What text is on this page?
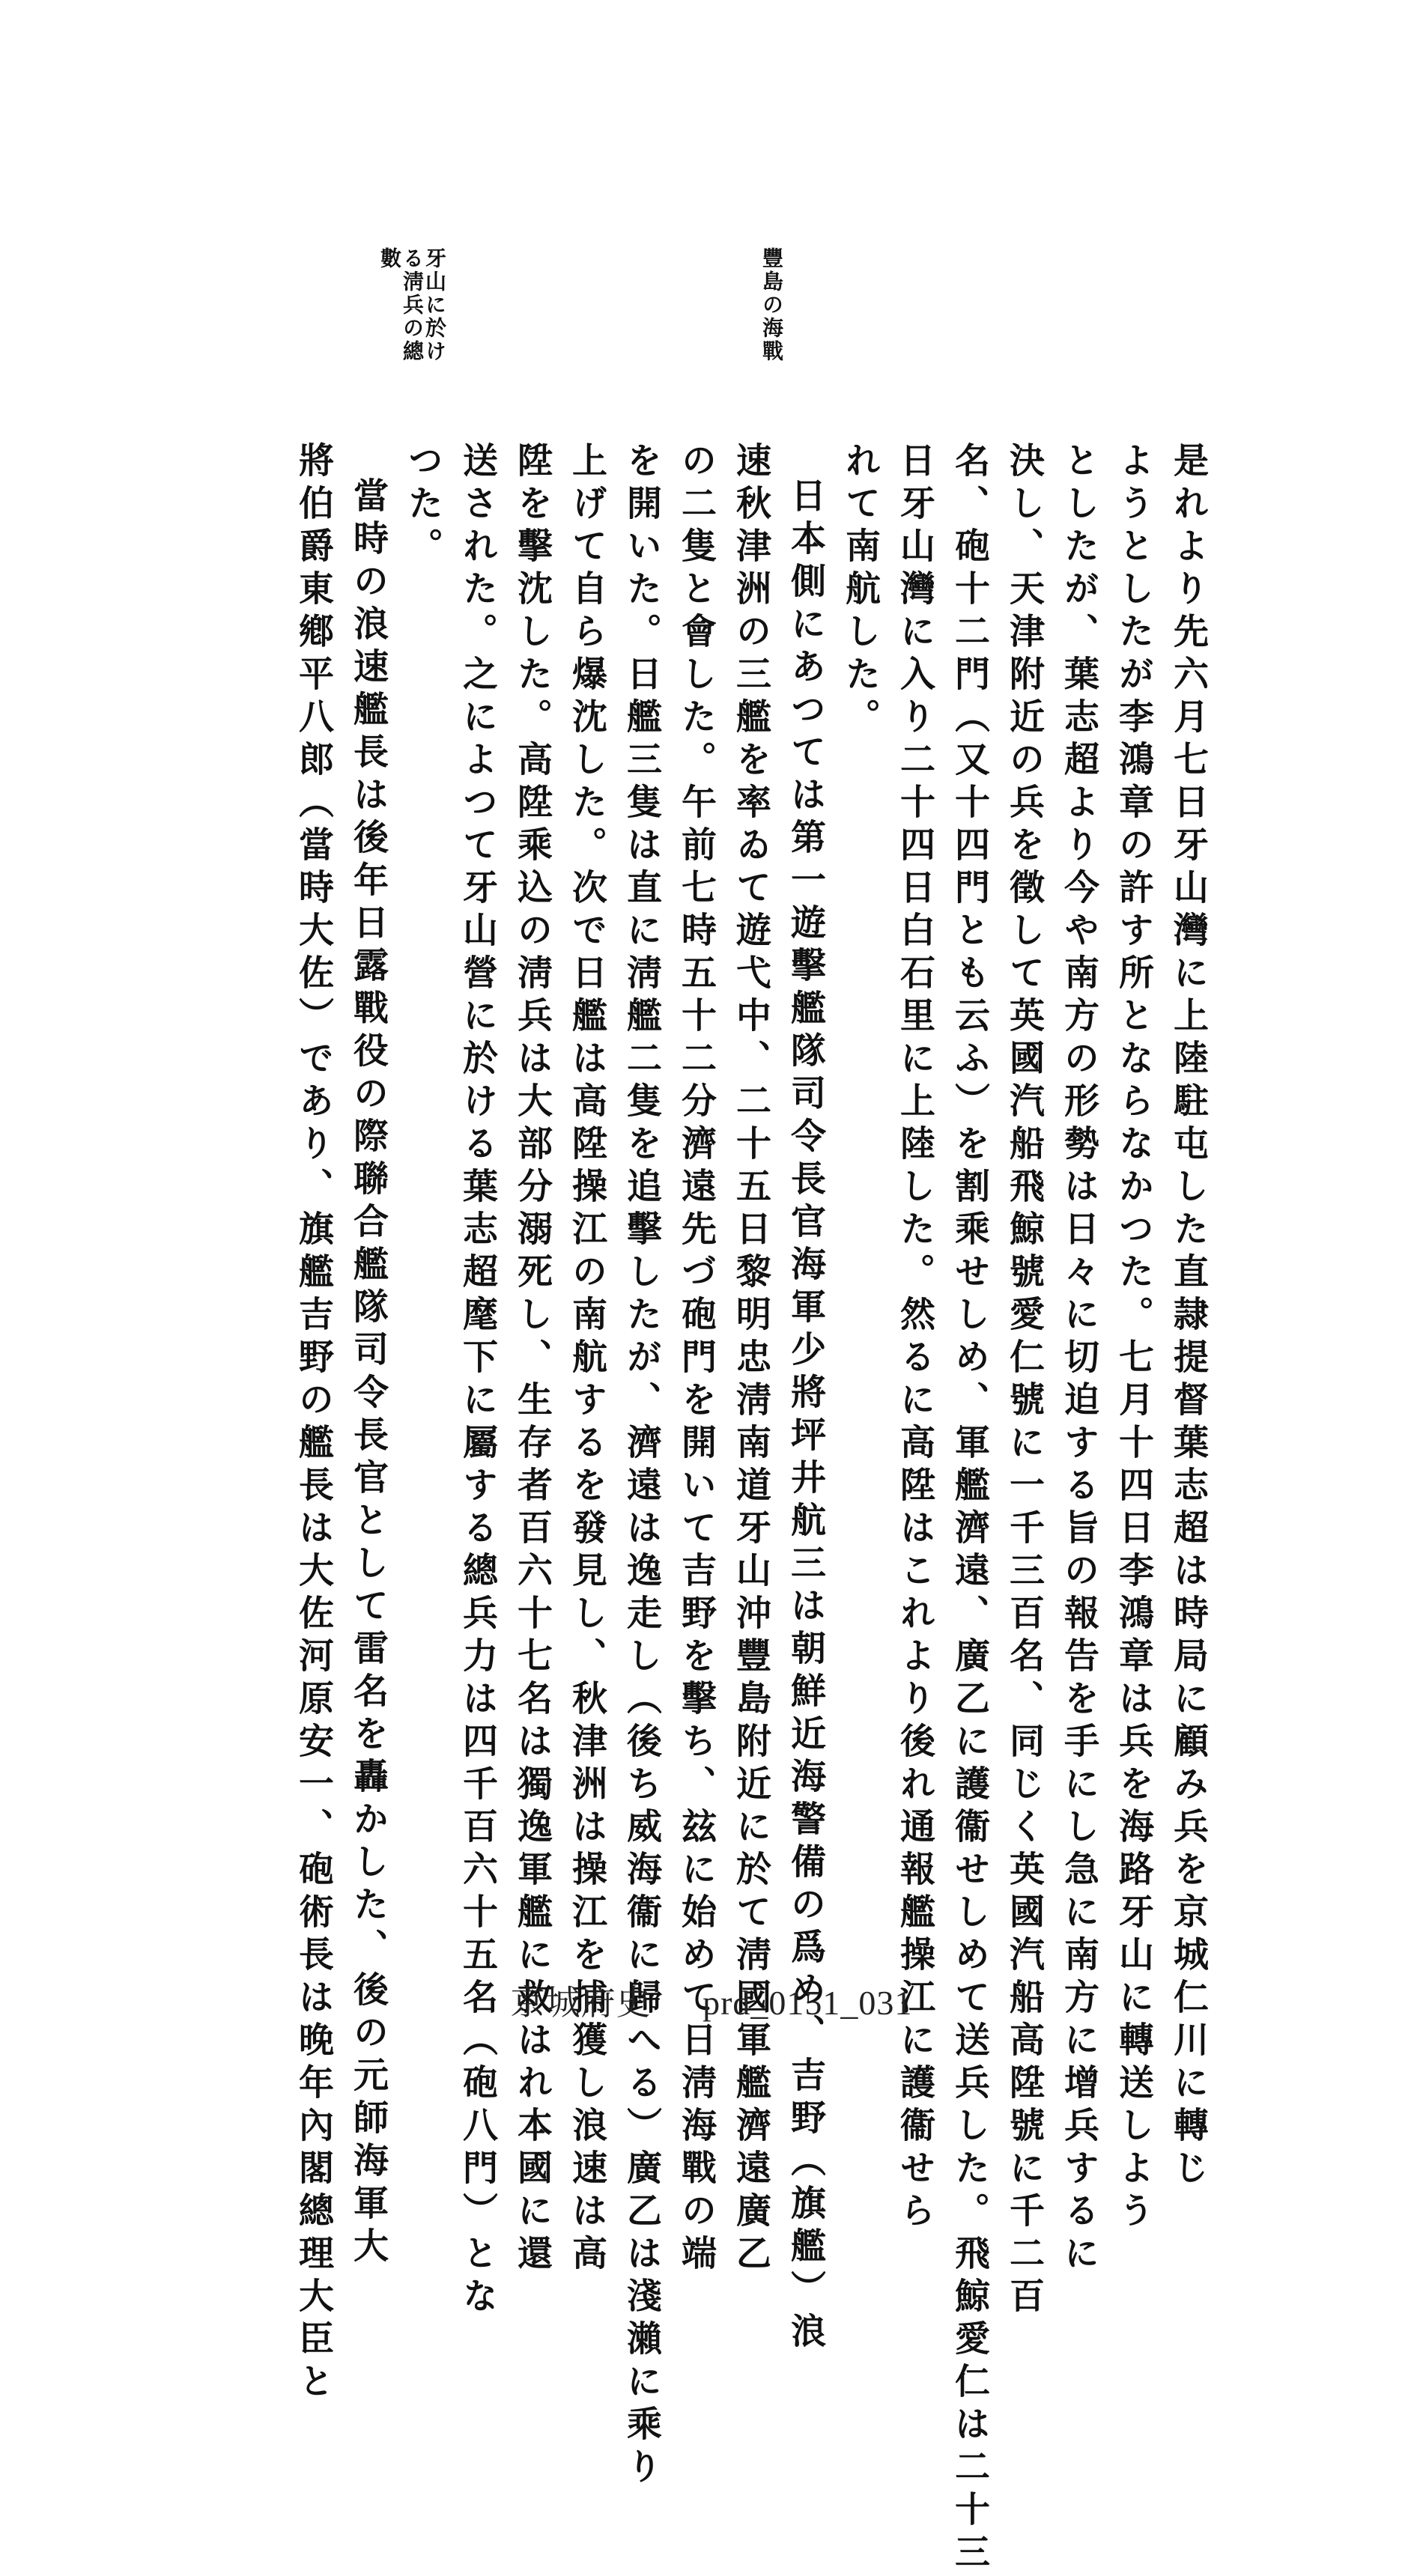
是れより先六月七日牙山灣に上陸駐屯した直隷提督葉志超は時局に顧み兵を京城仁川に轉じ
ようとしたが李鴻章の許す所とならなかつた。七月十四日李鴻章は兵を海路牙山に轉送しよう
としたが、葉志超より今や南方の形勢は日々に切迫する旨の報告を手にし急に南方に增兵するに
決し、天津附近の兵を徵して英國汽船飛鯨號愛仁號に一千三百名、同じく英國汽船高陞號に千二百
名、砲十二門（又十四門とも云ふ）を割乘せしめ、軍艦濟遠、廣乙に護衞せしめて送兵した。飛鯨愛仁は二十三
日牙山灣に入り二十四日白石里に上陸した。然るに高陞はこれより後れ通報艦操江に護衞せら
れて南航した。
日本側にあつては第一遊擊艦隊司令長官海軍少將坪井航三は朝鮮近海警備の爲め、吉野（旗艦）浪
速秋津洲の三艦を率ゐて遊弋中、二十五日黎明忠淸南道牙山沖豐島附近に於て淸國軍艦濟遠廣乙
の二隻と會した。午前七時五十二分濟遠先づ砲門を開いて吉野を擊ち、玆に始めて日淸海戰の端
を開いた。日艦三隻は直に淸艦二隻を追擊したが、濟遠は逸走し（後ち威海衞に歸へる）廣乙は淺瀨に乘り
上げて自ら爆沈した。次で日艦は高陞操江の南航するを發見し、秋津洲は操江を捕獲し浪速は高
陞を擊沈した。高陞乘込の淸兵は大部分溺死し、生存者百六十七名は獨逸軍艦に救はれ本國に還
送された。之によつて牙山營に於ける葉志超麾下に屬する總兵力は四千百六十五名（砲八門）とな
つた。
當時の浪速艦長は後年日露戰役の際聯合艦隊司令長官として雷名を轟かした、後の元師海軍大
將伯爵東鄕平八郎（當時大佐）であり、旗艦吉野の艦長は大佐河原安一、砲術長は晚年內閣總理大臣と
豐島の海戰
牙山に於け
る淸兵の總
數
京城府史 prd_0151_031
